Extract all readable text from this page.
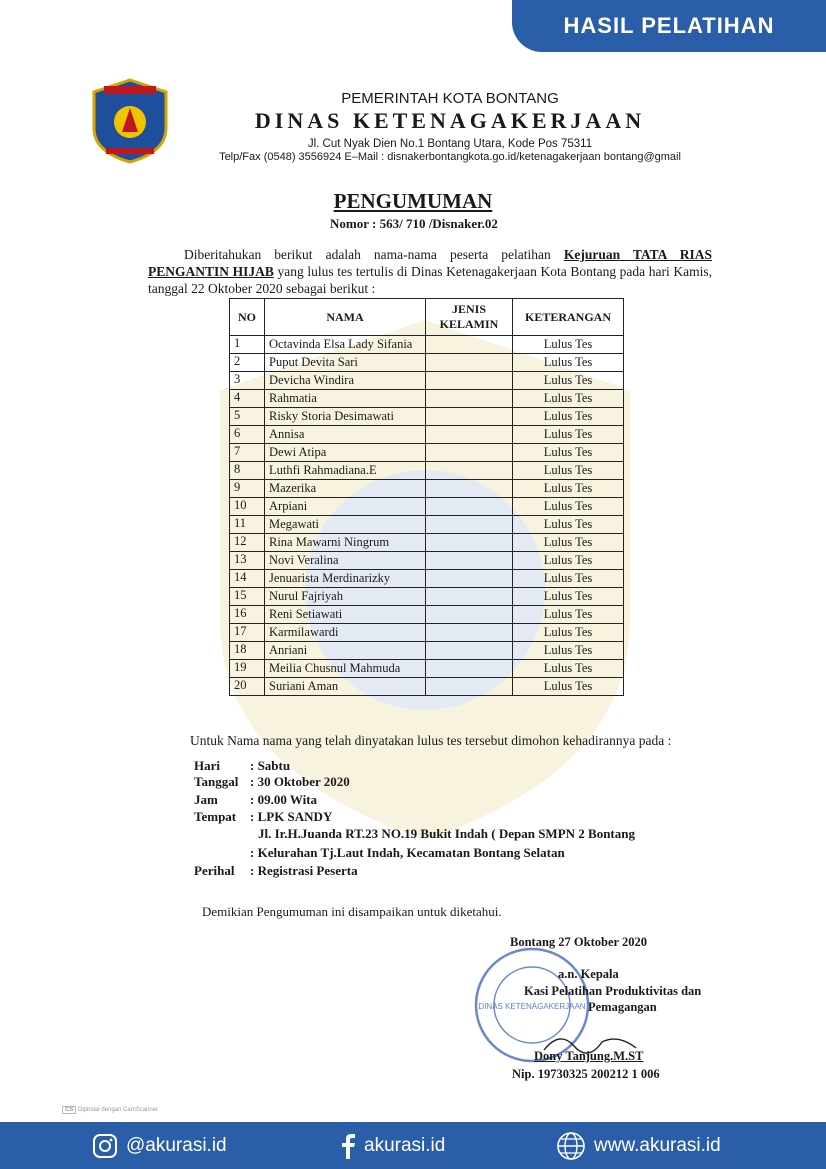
HASIL PELATIHAN
PEMERINTAH KOTA BONTANG
DINAS KETENAGAKERJAAN
Jl. Cut Nyak Dien No.1 Bontang Utara, Kode Pos 75311
Telp/Fax (0548) 3556924 E–Mail : disnakerbontangkota.go.id/ketenagakerjaan bontang@gmail
PENGUMUMAN
Nomor : 563/ 710 /Disnaker.02
Diberitahukan berikut adalah nama-nama peserta pelatihan Kejuruan TATA RIAS PENGANTIN HIJAB yang lulus tes tertulis di Dinas Ketenagakerjaan Kota Bontang pada hari Kamis, tanggal 22 Oktober 2020 sebagai berikut :
NO	NAMA	JENIS KELAMIN	KETERANGAN
1	Octavinda Elsa Lady Sifania		Lulus Tes
2	Puput Devita Sari		Lulus Tes
3	Devicha Windira		Lulus Tes
4	Rahmatia		Lulus Tes
5	Risky Storia Desimawati		Lulus Tes
6	Annisa		Lulus Tes
7	Dewi Atipa		Lulus Tes
8	Luthfi Rahmadiana.E		Lulus Tes
9	Mazerika		Lulus Tes
10	Arpiani		Lulus Tes
11	Megawati		Lulus Tes
12	Rina Mawarni Ningrum		Lulus Tes
13	Novi Veralina		Lulus Tes
14	Jenuarista Merdinarizky		Lulus Tes
15	Nurul Fajriyah		Lulus Tes
16	Reni Setiawati		Lulus Tes
17	Karmilawardi		Lulus Tes
18	Anriani		Lulus Tes
19	Meilia Chusnul Mahmuda		Lulus Tes
20	Suriani Aman		Lulus Tes
Untuk Nama nama yang telah dinyatakan lulus tes tersebut dimohon kehadirannya pada :
Hari : Sabtu
Tanggal : 30 Oktober 2020
Jam : 09.00 Wita
Tempat : LPK SANDY
Jl. Ir.H.Juanda RT.23 NO.19 Bukit Indah ( Depan SMPN 2 Bontang
: Kelurahan Tj.Laut Indah, Kecamatan Bontang Selatan
Perihal : Registrasi Peserta
Demikian Pengumuman ini disampaikan untuk diketahui.
DINAS KETENAGAKERJAAN
Bontang 27 Oktober 2020
a.n. Kepala
Kasi Pelatihan Produktivitas dan
Pemagangan
Dony Tanjung.M.ST
Nip. 19730325 200212 1 006
CS Dipindai dengan CamScanner
@akurasi.id	akurasi.id	www.akurasi.id
